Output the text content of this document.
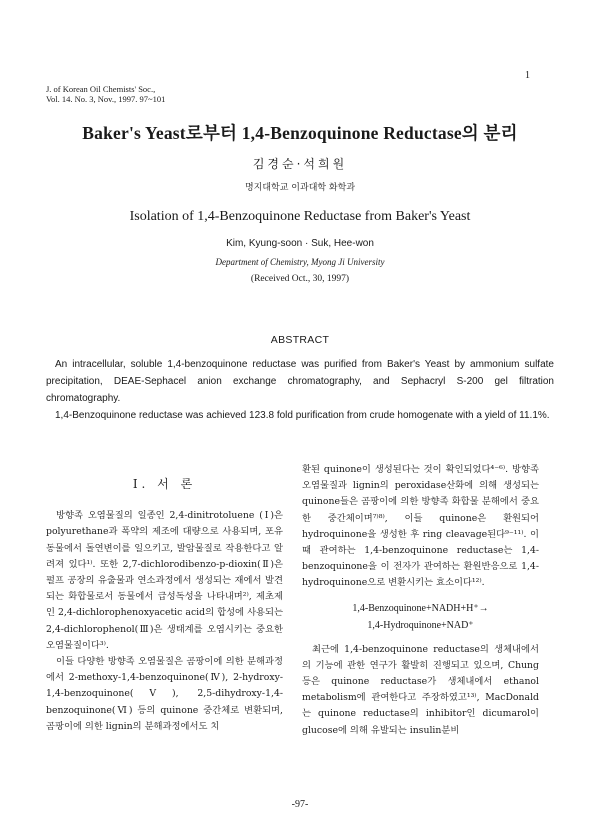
J. of Korean Oil Chemists' Soc.,
Vol. 14. No. 3, Nov., 1997. 97~101
1
Baker's Yeast로부터 1,4-Benzoquinone Reductase의 분리
김경순·석희원
명지대학교 이과대학 화학과
Isolation of 1,4-Benzoquinone Reductase from Baker's Yeast
Kim, Kyung-soon · Suk, Hee-won
Department of Chemistry, Myong Ji University
(Received Oct., 30, 1997)
ABSTRACT

An intracellular, soluble 1,4-benzoquinone reductase was purified from Baker's Yeast by ammonium sulfate precipitation, DEAE-Sephacel anion exchange chromatography, and Sephacryl S-200 gel filtration chromatography.

1,4-Benzoquinone reductase was achieved 123.8 fold purification from crude homogenate with a yield of 11.1%.

Ⅰ. 서 론

방향족 오염물질의 일종인 2,4-dinitrotoluene (Ⅰ)은 polyurethane과 폭약의 제조에 대량으로 사용되며, 포유동물에서 돌연변이를 일으키고, 발암물질로 작용한다고 알려져 있다¹⁾. 또한 2,7-dichlorodibenzo-p-dioxin(Ⅱ)은 펄프 공장의 유출물과 연소과정에서 생성되는 재에서 발견되는 화합물로서 동물에서 급성독성을 나타내며²⁾, 제초제인 2,4-dichlorophenoxyacetic acid의 합성에 사용되는 2,4-dichlorophenol(Ⅲ)은 생태계를 오염시키는 중요한 오염물질이다³⁾.

이들 다양한 방향족 오염물질은 곰팡이에 의한 분해과정에서 2-methoxy-1,4-benzoquinone(Ⅳ), 2-hydroxy-1,4-benzoquinone(Ⅴ), 2,5-dihydroxy-1,4-benzoquinone(Ⅵ) 등의 quinone 중간체로 변환되며, 곰팡이에 의한 lignin의 분해과정에서도 치

환된 quinone이 생성된다는 것이 확인되었다⁴⁻⁶⁾. 방향족 오염물질과 lignin의 peroxidase산화에 의해 생성되는 quinone들은 곰팡이에 의한 방향족 화합물 분해에서 중요한 중간체이며⁷⁾⁸⁾, 이들 quinone은 환원되어 hydroquinone을 생성한 후 ring cleavage된다⁹⁻¹¹⁾. 이때 관여하는 1,4-benzoquinone reductase는 1,4-benzoquinone을 이 전자가 관여하는 환원반응으로 1,4-hydroquinone으로 변환시키는 효소이다¹²⁾.

1,4-Benzoquinone+NADH+H⁺→
1,4-Hydroquinone+NAD⁺

최근에 1,4-benzoquinone reductase의 생체내에서의 기능에 관한 연구가 활발히 진행되고 있으며, Chung 등은 quinone reductase가 생체내에서 ethanol metabolism에 관여한다고 주장하였고¹³⁾, MacDonald는 quinone reductase의 inhibitor인 dicumarol이 glucose에 의해 유발되는 insulin분비

-97-
